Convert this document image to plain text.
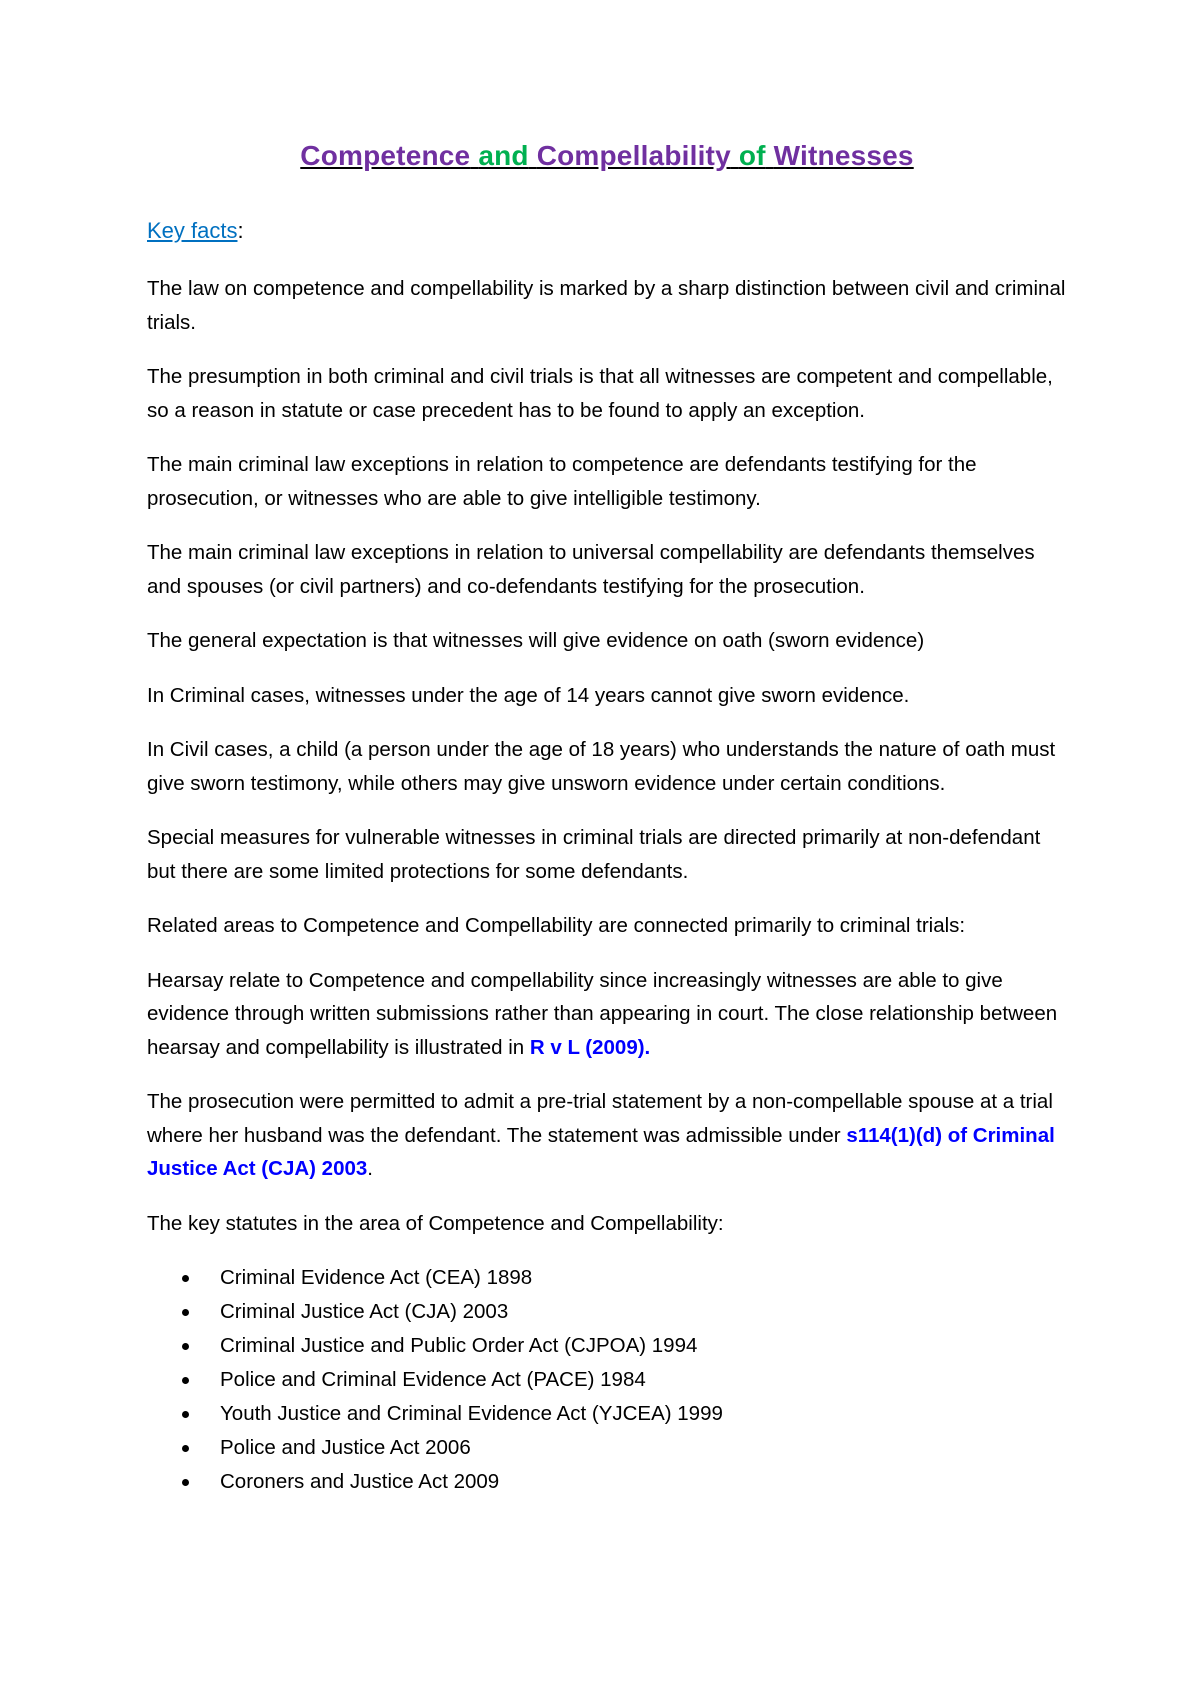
Competence and Compellability of Witnesses
Key facts:

The law on competence and compellability is marked by a sharp distinction between civil and criminal trials.

The presumption in both criminal and civil trials is that all witnesses are competent and compellable, so a reason in statute or case precedent has to be found to apply an exception.

The main criminal law exceptions in relation to competence are defendants testifying for the prosecution, or witnesses who are able to give intelligible testimony.

The main criminal law exceptions in relation to universal compellability are defendants themselves and spouses (or civil partners) and co-defendants testifying for the prosecution.

The general expectation is that witnesses will give evidence on oath (sworn evidence)

In Criminal cases, witnesses under the age of 14 years cannot give sworn evidence.

In Civil cases, a child (a person under the age of 18 years) who understands the nature of oath must give sworn testimony, while others may give unsworn evidence under certain conditions.

Special measures for vulnerable witnesses in criminal trials are directed primarily at non-defendant but there are some limited protections for some defendants.

Related areas to Competence and Compellability are connected primarily to criminal trials:

Hearsay relate to Competence and compellability since increasingly witnesses are able to give evidence through written submissions rather than appearing in court. The close relationship between hearsay and compellability is illustrated in R v L (2009).

The prosecution were permitted to admit a pre-trial statement by a non-compellable spouse at a trial where her husband was the defendant. The statement was admissible under s114(1)(d) of Criminal Justice Act (CJA) 2003.

The key statutes in the area of Competence and Compellability:

Criminal Evidence Act (CEA) 1898
Criminal Justice Act (CJA) 2003
Criminal Justice and Public Order Act (CJPOA) 1994
Police and Criminal Evidence Act (PACE) 1984
Youth Justice and Criminal Evidence Act (YJCEA) 1999
Police and Justice Act 2006
Coroners and Justice Act 2009
